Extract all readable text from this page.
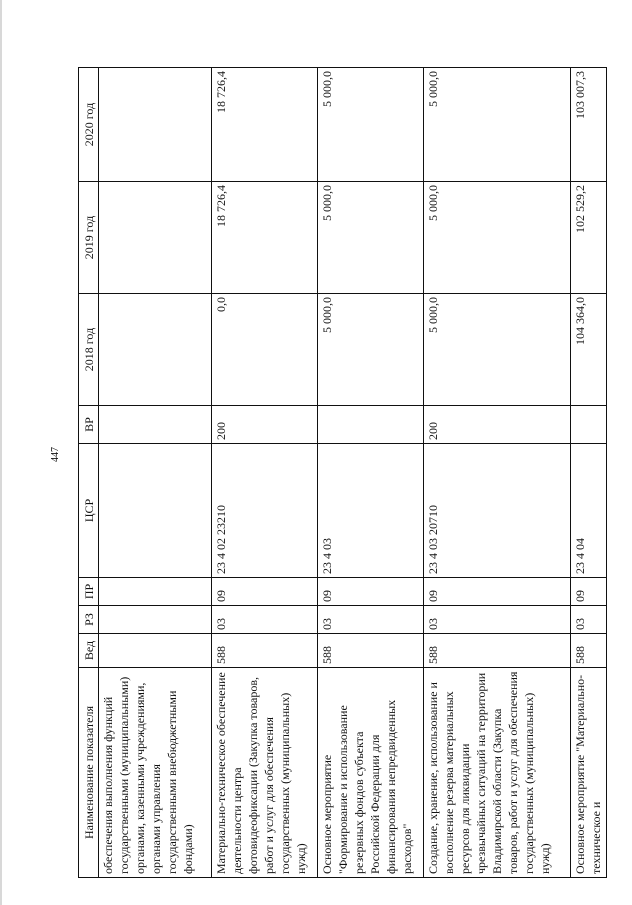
447
Наименование показателя	Вед	РЗ	ПР	ЦСР	ВР	2018 год	2019 год	2020 год
обеспечения выполнения функций государственными (муниципальными) органами, казенными учреждениями, органами управления государственными внебюджетными фондами)								
Материально-техническое обеспечение деятельности центра фотовидеофиксации (Закупка товаров, работ и услуг для обеспечения государственных (муниципальных) нужд)	588	03	09	23 4 02 23210	200	0,0	18 726,4	18 726,4
Основное мероприятие "Формирование и использование резервных фондов субъекта Российской Федерации для финансирования непредвиденных расходов"	588	03	09	23 4 03		5 000,0	5 000,0	5 000,0
Создание, хранение, использование и восполнение резерва материальных ресурсов для ликвидации чрезвычайных ситуаций на территории Владимирской области (Закупка товаров, работ и услуг для обеспечения государственных (муниципальных) нужд)	588	03	09	23 4 03 20710	200	5 000,0	5 000,0	5 000,0
Основное мероприятие "Материально-техническое и	588	03	09	23 4 04		104 364,0	102 529,2	103 007,3
